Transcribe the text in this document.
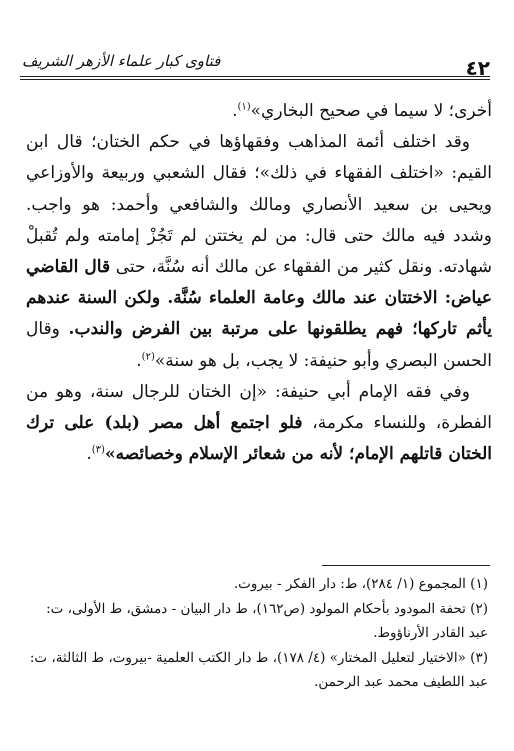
٤٢
فتاوى كبار علماء الأزهر الشريف

أخرى؛ لا سيما في صحيح البخاري»$^{(١)}$.

وقد اختلف أئمة المذاهب وفقهاؤها في حكم الختان؛ قال ابن القيم: «اختلف الفقهاء في ذلك»؛ فقال الشعبي وربيعة والأوزاعي ويحيى بن سعيد الأنصاري ومالك والشافعي وأحمد: هو واجب. وشدد فيه مالك حتى قال: من لم يختتن لم تَجُزْ إمامته ولم تُقبلْ شهادته. ونقل كثير من الفقهاء عن مالك أنه سُنَّة، حتى قال القاضي عياض: الاختتان عند مالك وعامة العلماء سُنَّة. ولكن السنة عندهم يأثم تاركها؛ فهم يطلقونها على مرتبة بين الفرض والندب. وقال الحسن البصري وأبو حنيفة: لا يجب، بل هو سنة»$^{(٢)}$.

وفي فقه الإمام أبي حنيفة: «إن الختان للرجال سنة، وهو من الفطرة، وللنساء مكرمة، فلو اجتمع أهل مصر (بلد) على ترك الختان قاتلهم الإمام؛ لأنه من شعائر الإسلام وخصائصه»$^{(٣)}$.

(١) المجموع (١/ ٢٨٤)، ط: دار الفكر - بيروت.

(٢) تحفة المودود بأحكام المولود (ص١٦٢)، ط دار البيان - دمشق، ط الأولى، ت: عبد القادر الأرناؤوط.

(٣) «الاختيار لتعليل المختار» (٤/ ١٧٨)، ط دار الكتب العلمية -بيروت، ط الثالثة، ت: عبد اللطيف محمد عبد الرحمن.
